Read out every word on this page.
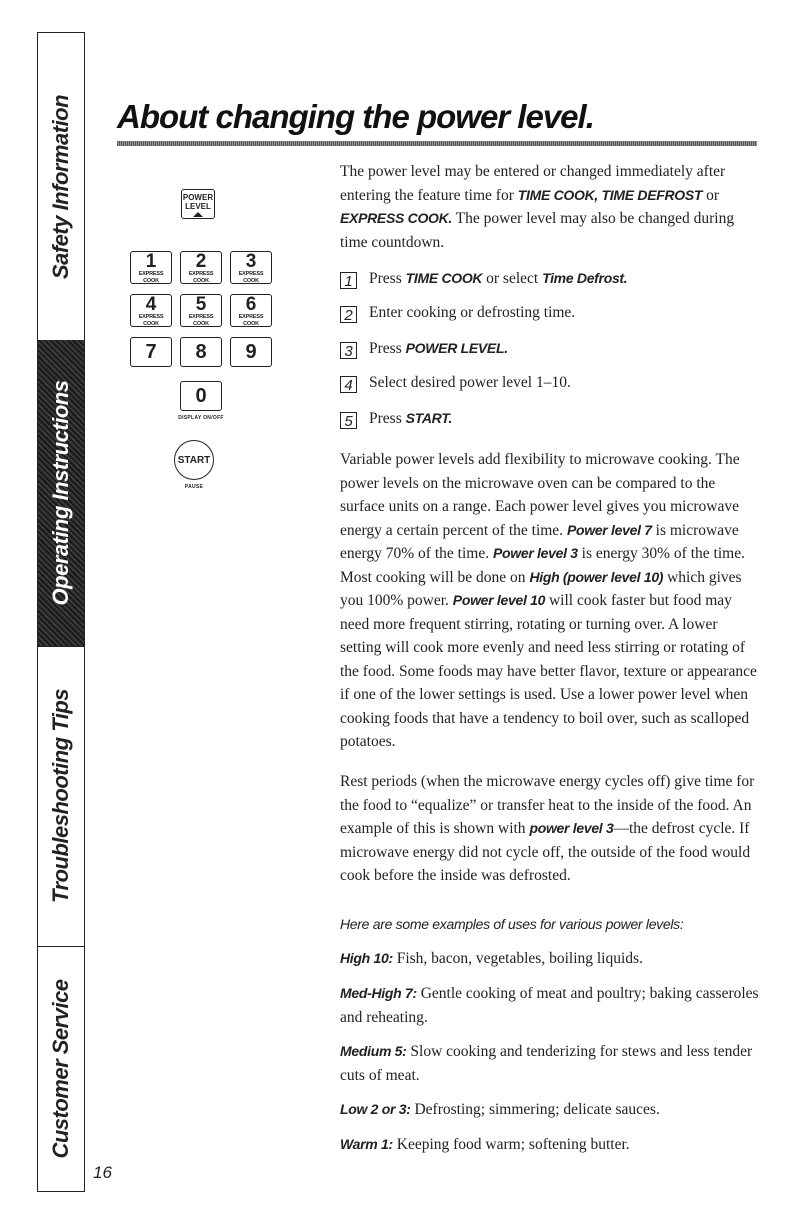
Safety Information
Operating Instructions
Troubleshooting Tips
Customer Service
16
About changing the power level.
POWER
LEVEL
1
EXPRESS COOK
2
EXPRESS COOK
3
EXPRESS COOK
4
EXPRESS COOK
5
EXPRESS COOK
6
EXPRESS COOK
7	8	9
0
DISPLAY ON/OFF
START
PAUSE

The power level may be entered or changed immediately after entering the feature time for TIME COOK, TIME DEFROST or EXPRESS COOK. The power level may also be changed during time countdown.

1 Press TIME COOK or select Time Defrost.
2 Enter cooking or defrosting time.
3 Press POWER LEVEL.
4 Select desired power level 1–10.
5 Press START.

Variable power levels add flexibility to microwave cooking. The power levels on the microwave oven can be compared to the surface units on a range. Each power level gives you microwave energy a certain percent of the time. Power level 7 is microwave energy 70% of the time. Power level 3 is energy 30% of the time. Most cooking will be done on High (power level 10) which gives you 100% power. Power level 10 will cook faster but food may need more frequent stirring, rotating or turning over. A lower setting will cook more evenly and need less stirring or rotating of the food. Some foods may have better flavor, texture or appearance if one of the lower settings is used. Use a lower power level when cooking foods that have a tendency to boil over, such as scalloped potatoes.

Rest periods (when the microwave energy cycles off) give time for the food to “equalize” or transfer heat to the inside of the food. An example of this is shown with power level 3—the defrost cycle. If microwave energy did not cycle off, the outside of the food would cook before the inside was defrosted.

Here are some examples of uses for various power levels:

High 10: Fish, bacon, vegetables, boiling liquids.

Med-High 7: Gentle cooking of meat and poultry; baking casseroles and reheating.

Medium 5: Slow cooking and tenderizing for stews and less tender cuts of meat.

Low 2 or 3: Defrosting; simmering; delicate sauces.

Warm 1: Keeping food warm; softening butter.
